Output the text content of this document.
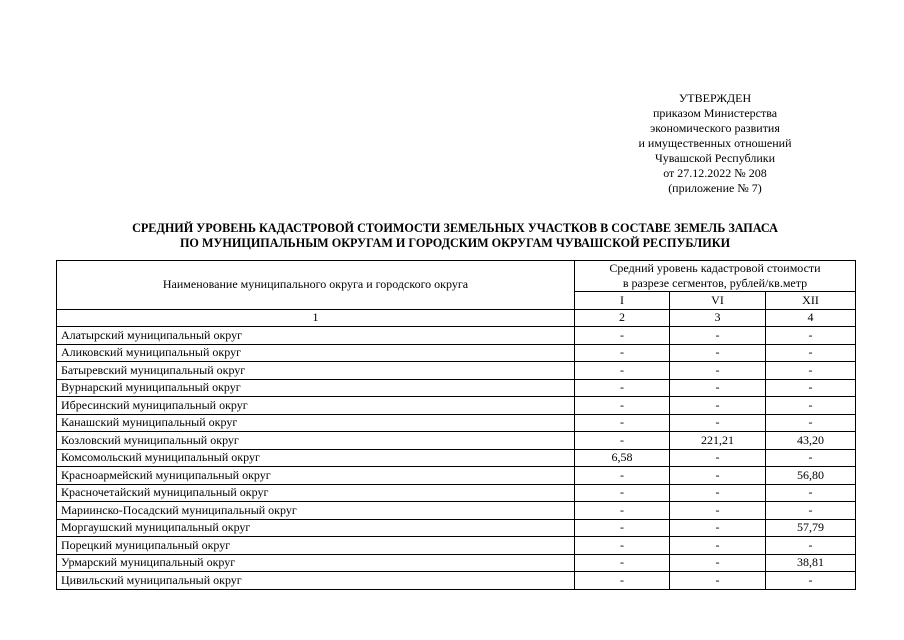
УТВЕРЖДЕН
приказом Министерства
экономического развития
и имущественных отношений
Чувашской Республики
от 27.12.2022 № 208
(приложение № 7)
СРЕДНИЙ УРОВЕНЬ КАДАСТРОВОЙ СТОИМОСТИ ЗЕМЕЛЬНЫХ УЧАСТКОВ В СОСТАВЕ ЗЕМЕЛЬ ЗАПАСА
ПО МУНИЦИПАЛЬНЫМ ОКРУГАМ И ГОРОДСКИМ ОКРУГАМ ЧУВАШСКОЙ РЕСПУБЛИКИ
Наименование муниципального округа и городского округа	Средний уровень кадастровой стоимости
в разрезе сегментов, рублей/кв.метр		

	I	VI	XII
1	2	3	4
Алатырский муниципальный округ	-	-	-
Аликовский муниципальный округ	-	-	-
Батыревский муниципальный округ	-	-	-
Вурнарский муниципальный округ	-	-	-
Ибресинский муниципальный округ	-	-	-
Канашский муниципальный округ	-	-	-
Козловский муниципальный округ	-	221,21	43,20
Комсомольский муниципальный округ	6,58	-	-
Красноармейский муниципальный округ	-	-	56,80
Красночетайский муниципальный округ	-	-	-
Мариинско-Посадский муниципальный округ	-	-	-
Моргаушский муниципальный округ	-	-	57,79
Порецкий муниципальный округ	-	-	-
Урмарский муниципальный округ	-	-	38,81
Цивильский муниципальный округ	-	-	-
